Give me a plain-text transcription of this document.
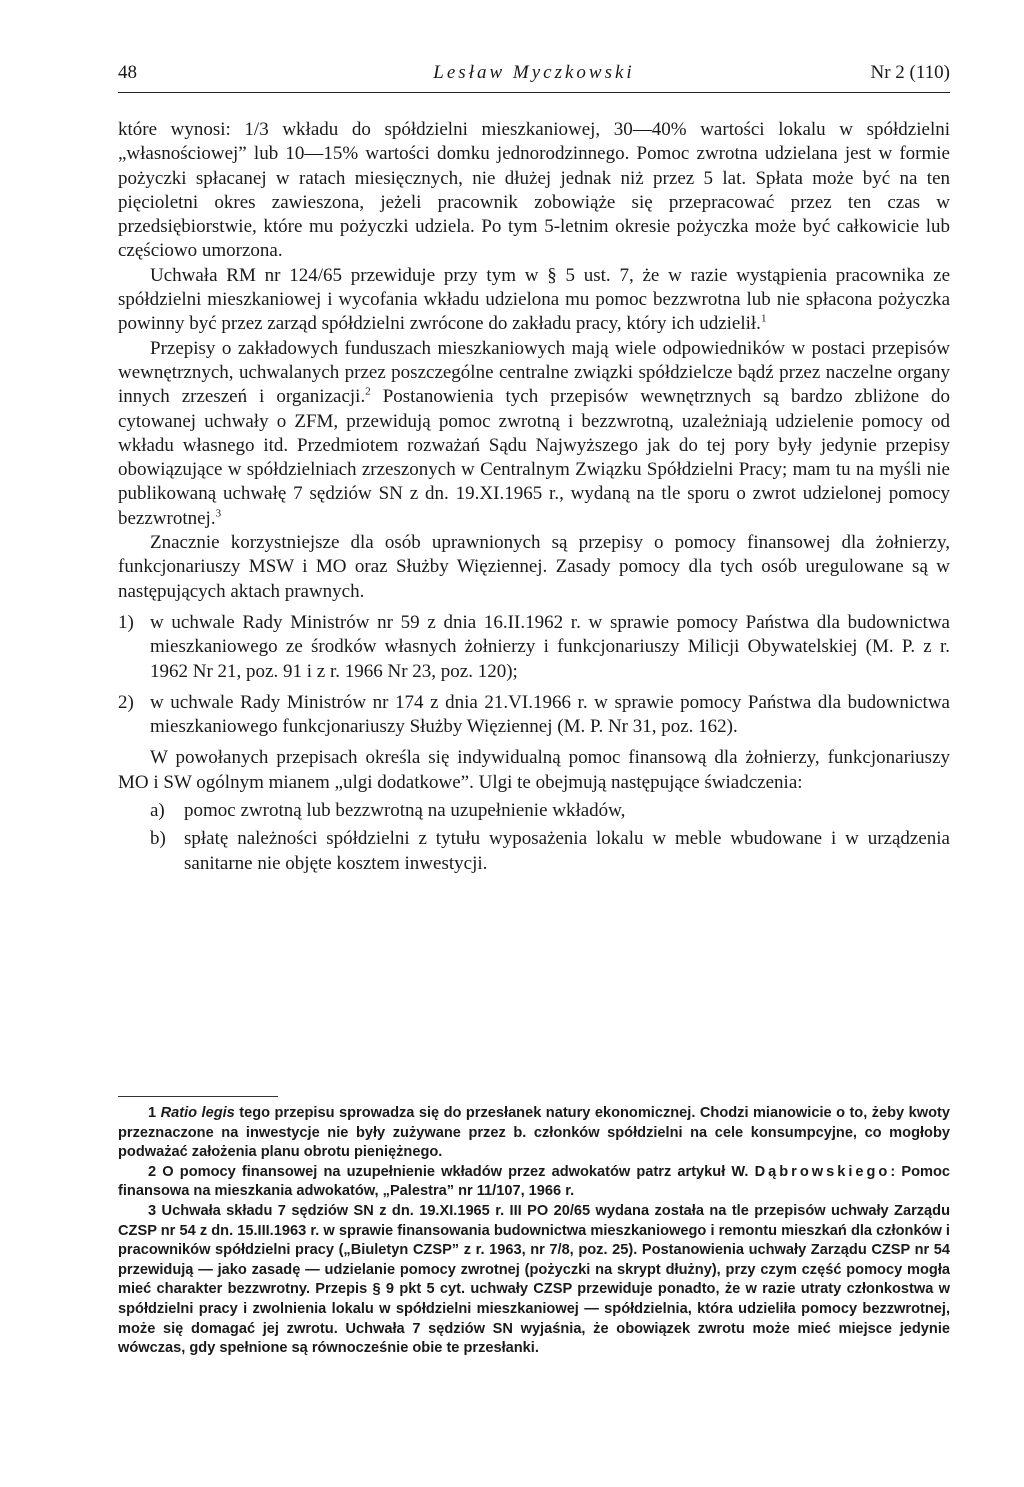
48	Lesław Myczkowski	Nr 2 (110)

które wynosi: 1/3 wkładu do spółdzielni mieszkaniowej, 30—40% wartości lokalu w spółdzielni „własnościowej” lub 10—15% wartości domku jednorodzinnego. Pomoc zwrotna udzielana jest w formie pożyczki spłacanej w ratach miesięcznych, nie dłużej jednak niż przez 5 lat. Spłata może być na ten pięcioletni okres zawieszona, jeżeli pracownik zobowiąże się przepracować przez ten czas w przedsiębiorstwie, które mu pożyczki udziela. Po tym 5-letnim okresie pożyczka może być całkowicie lub częściowo umorzona.

Uchwała RM nr 124/65 przewiduje przy tym w § 5 ust. 7, że w razie wystąpienia pracownika ze spółdzielni mieszkaniowej i wycofania wkładu udzielona mu pomoc bezzwrotna lub nie spłacona pożyczka powinny być przez zarząd spółdzielni zwrócone do zakładu pracy, który ich udzielił.$^1$

Przepisy o zakładowych funduszach mieszkaniowych mają wiele odpowiedników w postaci przepisów wewnętrznych, uchwalanych przez poszczególne centralne związki spółdzielcze bądź przez naczelne organy innych zrzeszeń i organizacji.$^2$ Postanowienia tych przepisów wewnętrznych są bardzo zbliżone do cytowanej uchwały o ZFM, przewidują pomoc zwrotną i bezzwrotną, uzależniają udzielenie pomocy od wkładu własnego itd. Przedmiotem rozważań Sądu Najwyższego jak do tej pory były jedynie przepisy obowiązujące w spółdzielniach zrzeszonych w Centralnym Związku Spółdzielni Pracy; mam tu na myśli nie publikowaną uchwałę 7 sędziów SN z dn. 19.XI.1965 r., wydaną na tle sporu o zwrot udzielonej pomocy bezzwrotnej.$^3$

Znacznie korzystniejsze dla osób uprawnionych są przepisy o pomocy finansowej dla żołnierzy, funkcjonariuszy MSW i MO oraz Służby Więziennej. Zasady pomocy dla tych osób uregulowane są w następujących aktach prawnych.

1) w uchwale Rady Ministrów nr 59 z dnia 16.II.1962 r. w sprawie pomocy Państwa dla budownictwa mieszkaniowego ze środków własnych żołnierzy i funkcjonariuszy Milicji Obywatelskiej (M. P. z r. 1962 Nr 21, poz. 91 i z r. 1966 Nr 23, poz. 120);
2) w uchwale Rady Ministrów nr 174 z dnia 21.VI.1966 r. w sprawie pomocy Państwa dla budownictwa mieszkaniowego funkcjonariuszy Służby Więziennej (M. P. Nr 31, poz. 162).

W powołanych przepisach określa się indywidualną pomoc finansową dla żołnierzy, funkcjonariuszy MO i SW ogólnym mianem „ulgi dodatkowe”. Ulgi te obejmują następujące świadczenia:

a)	pomoc zwrotną lub bezzwrotną na uzupełnienie wkładów,
b) spłatę należności spółdzielni z tytułu wyposażenia lokalu w meble wbudowane i w urządzenia sanitarne nie objęte kosztem inwestycji.

1 Ratio legis tego przepisu sprowadza się do przesłanek natury ekonomicznej. Chodzi mianowicie o to, żeby kwoty przeznaczone na inwestycje nie były zużywane przez b. członków spółdzielni na cele konsumpcyjne, co mogłoby podważać założenia planu obrotu pieniężnego.

2 O pomocy finansowej na uzupełnienie wkładów przez adwokatów patrz artykuł W. Dąbrowskiego: Pomoc finansowa na mieszkania adwokatów, „Palestra” nr 11/107, 1966 r.

3 Uchwała składu 7 sędziów SN z dn. 19.XI.1965 r. III PO 20/65 wydana została na tle przepisów uchwały Zarządu CZSP nr 54 z dn. 15.III.1963 r. w sprawie finansowania budownictwa mieszkaniowego i remontu mieszkań dla członków i pracowników spółdzielni pracy („Biuletyn CZSP” z r. 1963, nr 7/8, poz. 25). Postanowienia uchwały Zarządu CZSP nr 54 przewidują — jako zasadę — udzielanie pomocy zwrotnej (pożyczki na skrypt dłużny), przy czym część pomocy mogła mieć charakter bezzwrotny. Przepis § 9 pkt 5 cyt. uchwały CZSP przewiduje ponadto, że w razie utraty członkostwa w spółdzielni pracy i zwolnienia lokalu w spółdzielni mieszkaniowej — spółdzielnia, która udzieliła pomocy bezzwrotnej, może się domagać jej zwrotu. Uchwała 7 sędziów SN wyjaśnia, że obowiązek zwrotu może mieć miejsce jedynie wówczas, gdy spełnione są równocześnie obie te przesłanki.
